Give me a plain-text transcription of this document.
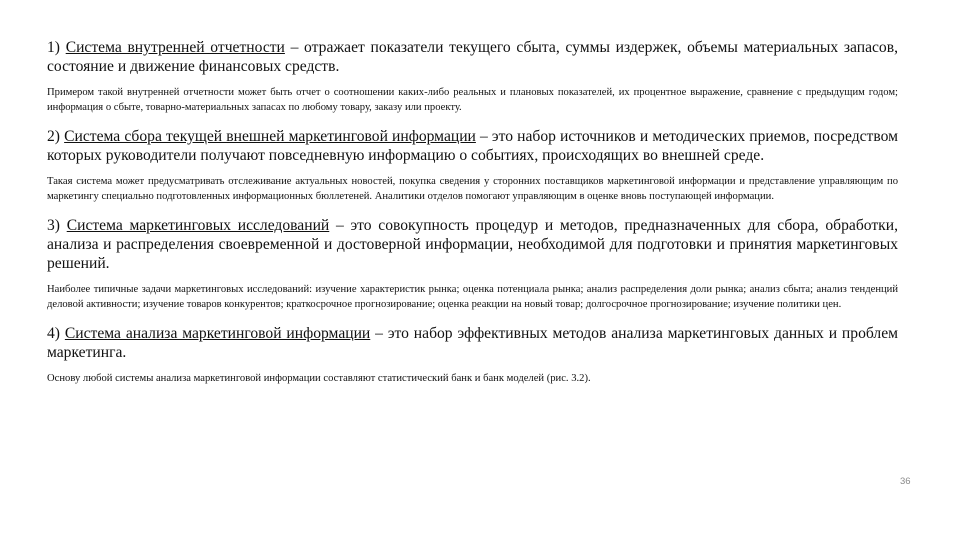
1) Система внутренней отчетности – отражает показатели текущего сбыта, суммы издержек, объемы материальных запасов, состояние и движение финансовых средств.

Примером такой внутренней отчетности может быть отчет о соотношении каких-либо реальных и плановых показателей, их процентное выражение, сравнение с предыдущим годом; информация о сбыте, товарно-материальных запасах по любому товару, заказу или проекту.

2) Система сбора текущей внешней маркетинговой информации – это набор источников и методических приемов, посредством которых руководители получают повседневную информацию о событиях, происходящих во внешней среде.

Такая система может предусматривать отслеживание актуальных новостей, покупка сведения у сторонних поставщиков маркетинговой информации и представление управляющим по маркетингу специально подготовленных информационных бюллетеней. Аналитики отделов помогают управляющим в оценке вновь поступающей информации.

3) Система маркетинговых исследований – это совокупность процедур и методов, предназначенных для сбора, обработки, анализа и распределения своевременной и достоверной информации, необходимой для подготовки и принятия маркетинговых решений.

Наиболее типичные задачи маркетинговых исследований: изучение характеристик рынка; оценка потенциала рынка; анализ распределения доли рынка; анализ сбыта; анализ тенденций деловой активности; изучение товаров конкурентов; краткосрочное прогнозирование; оценка реакции на новый товар; долгосрочное прогнозирование; изучение политики цен.

4) Система анализа маркетинговой информации – это набор эффективных методов анализа маркетинговых данных и проблем маркетинга.

Основу любой системы анализа маркетинговой информации составляют статистический банк и банк моделей (рис. 3.2).

36
